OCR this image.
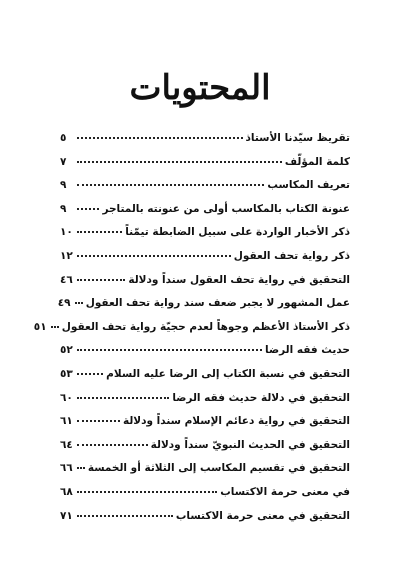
المحتويات
تقريظ سيّدنا الأستاذ
٥
كلمة المؤلّف
٧
تعريف المكاسب
٩
عنونة الكتاب بالمكاسب أولى من عنونته بالمتاجر
٩
ذكر الأخبار الواردة على سبيل الضابطة تيمّناً
١٠
ذكر رواية تحف العقول
١٢
التحقيق في رواية تحف العقول سنداً ودلالة
٤٦
عمل المشهور لا يجبر ضعف سند رواية تحف العقول
٤٩
ذكر الأستاذ الأعظم وجوهاً لعدم حجيّة رواية تحف العقول
٥١
حديث فقه الرضا
٥٢
التحقيق في نسبة الكتاب إلى الرضا عليه السلام
٥٣
التحقيق في دلالة حديث فقه الرضا
٦٠
التحقيق في رواية دعائم الإسلام سنداً ودلالة
٦١
التحقيق في الحديث النبويّ سنداً ودلالة
٦٤
التحقيق في تقسيم المكاسب إلى الثلاثة أو الخمسة
٦٦
في معنى حرمة الاكتساب
٦٨
التحقيق في معنى حرمة الاكتساب
٧١
